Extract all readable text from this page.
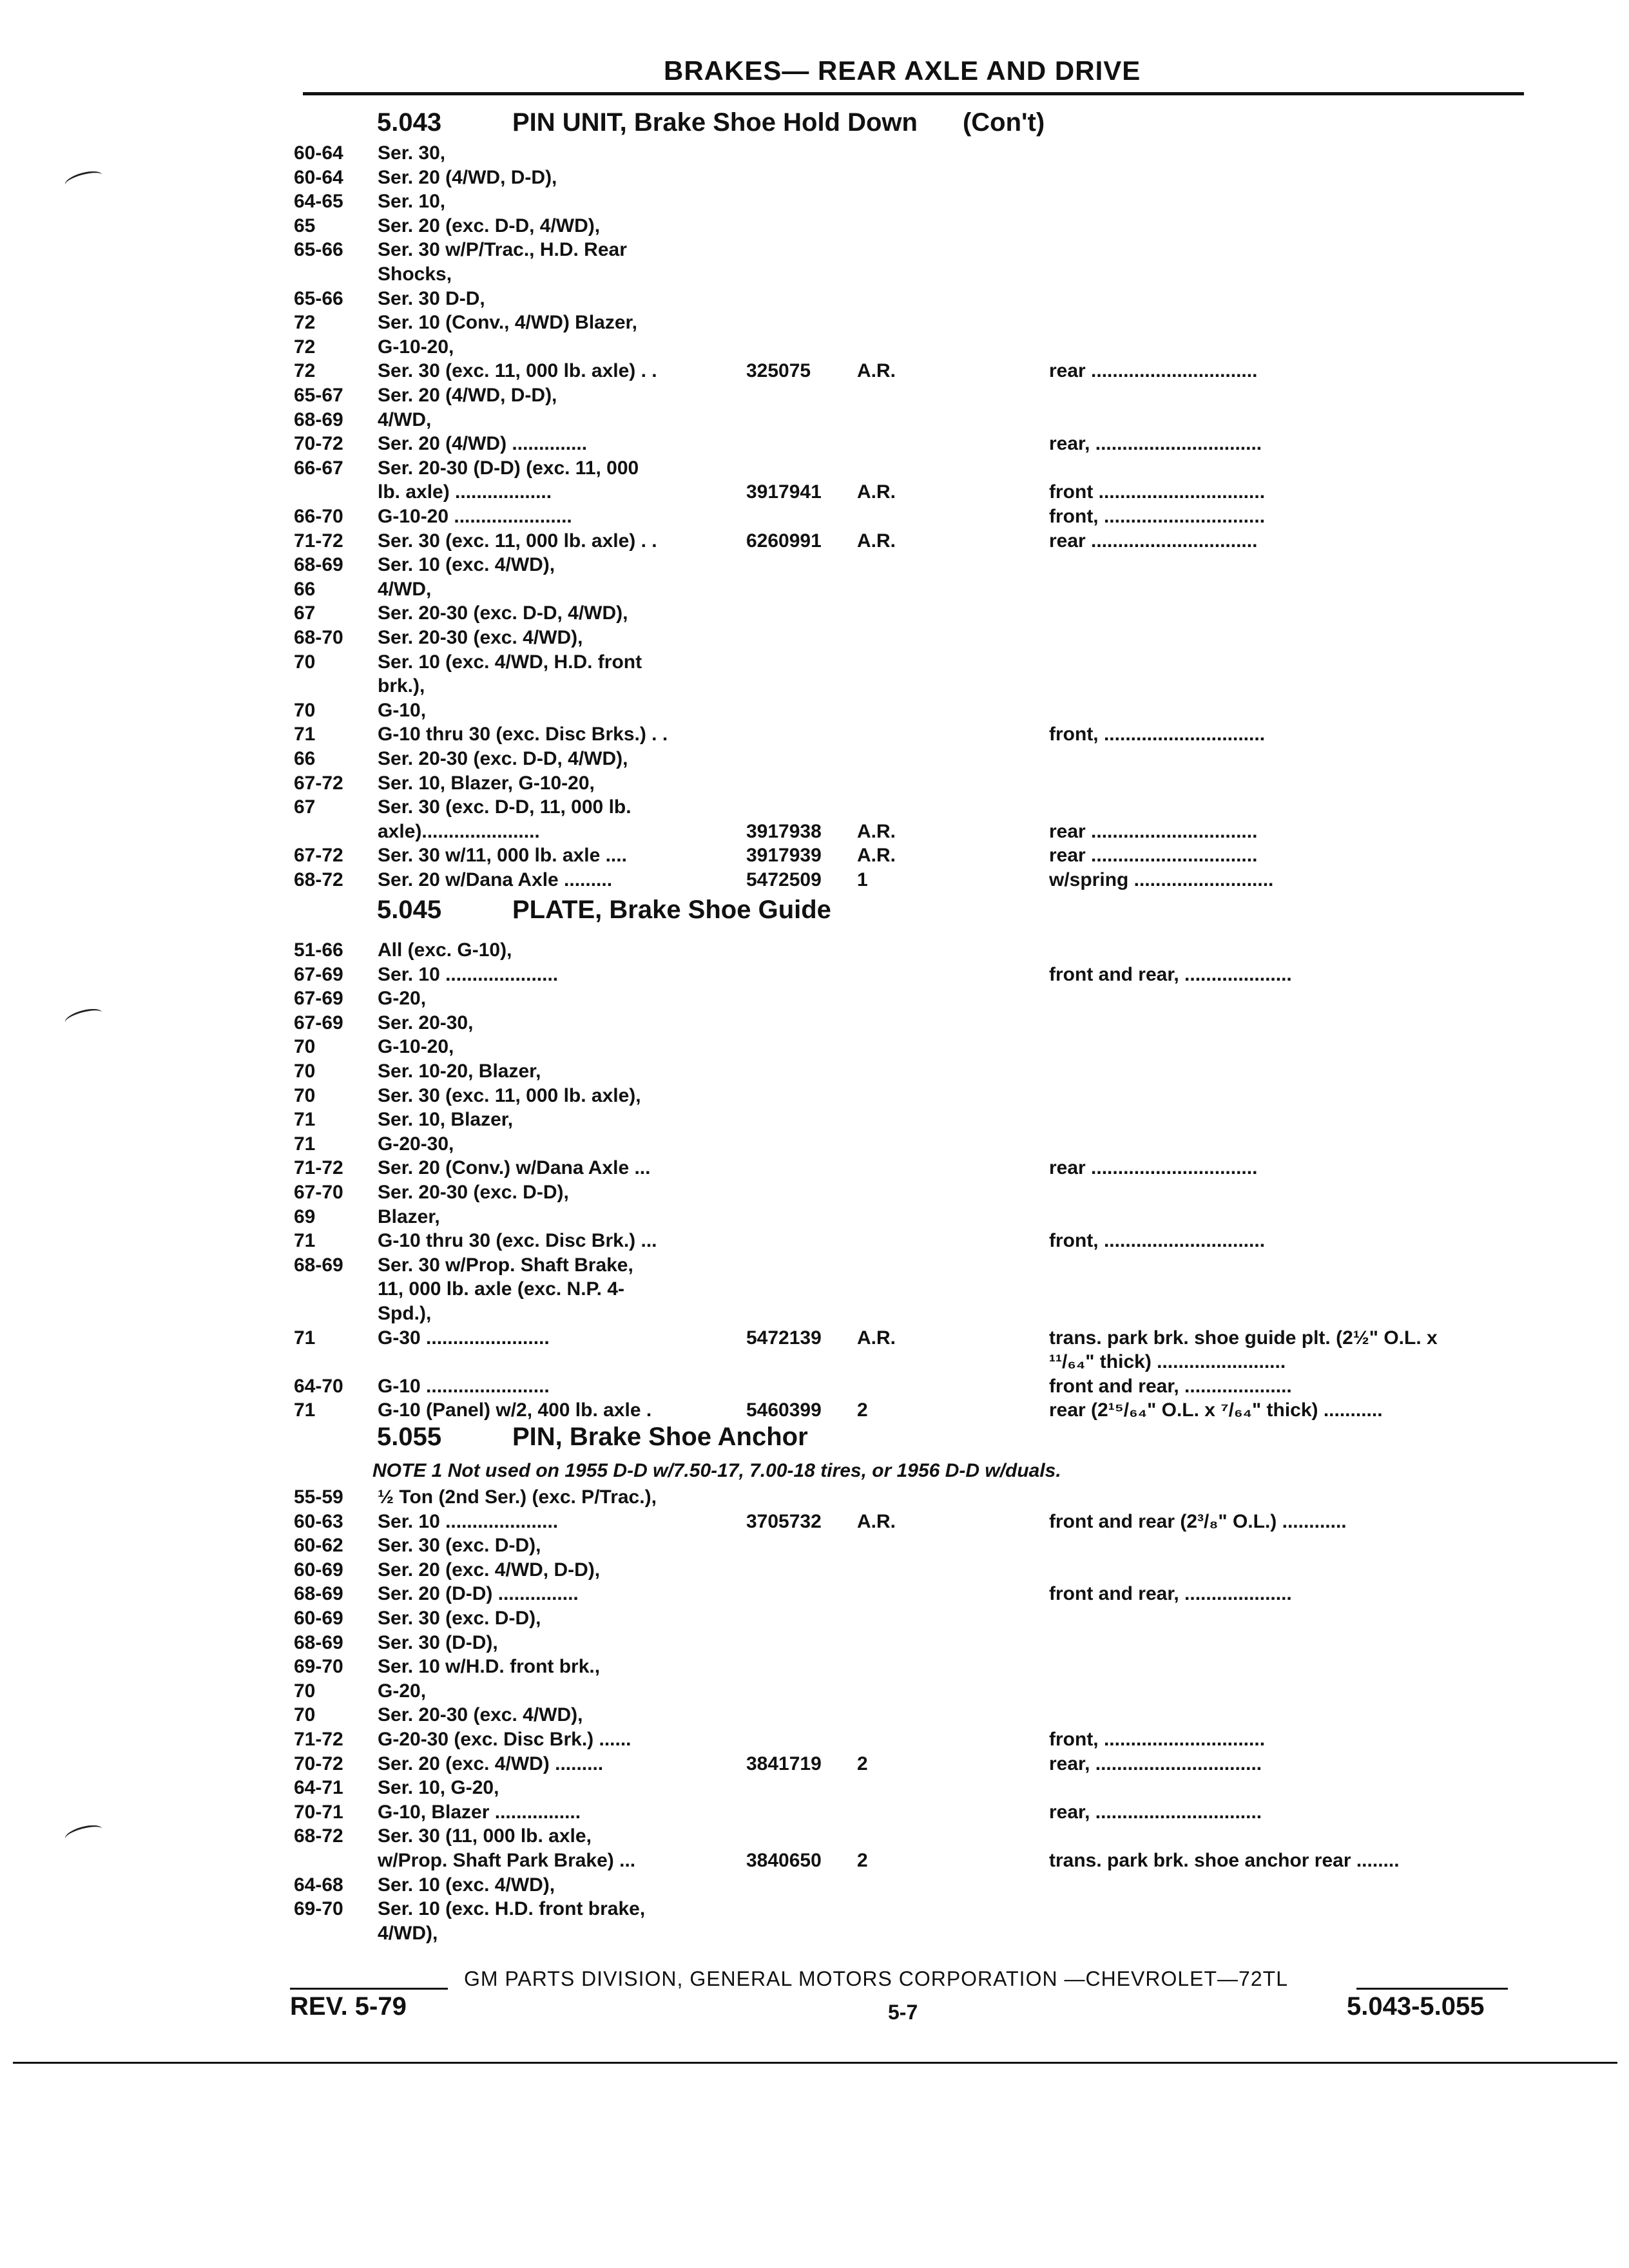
BRAKES— REAR AXLE AND DRIVE
5.043	PIN UNIT, Brake Shoe Hold Down (Con't)
60-64	Ser. 30,
60-64	Ser. 20 (4/WD, D-D),
64-65	Ser. 10,
65	Ser. 20 (exc. D-D, 4/WD),
65-66	Ser. 30 w/P/Trac., H.D. Rear
Shocks,
65-66	Ser. 30 D-D,
72	Ser. 10 (Conv., 4/WD) Blazer,
72	G-10-20,
72	Ser. 30 (exc. 11, 000 lb. axle) . .	325075 A.R.	rear ...............................
65-67	Ser. 20 (4/WD, D-D),
68-69	4/WD,
70-72	Ser. 20 (4/WD) ..............	rear, ...............................
66-67	Ser. 20-30 (D-D) (exc. 11, 000
lb. axle) ..................	3917941 A.R.	front ...............................
66-70	G-10-20 ......................	front, ..............................
71-72	Ser. 30 (exc. 11, 000 lb. axle) . .	6260991 A.R.	rear ...............................
68-69	Ser. 10 (exc. 4/WD),
66	4/WD,
67	Ser. 20-30 (exc. D-D, 4/WD),
68-70	Ser. 20-30 (exc. 4/WD),
70	Ser. 10 (exc. 4/WD, H.D. front
brk.),
70	G-10,
71	G-10 thru 30 (exc. Disc Brks.) . .	front, ..............................
66	Ser. 20-30 (exc. D-D, 4/WD),
67-72	Ser. 10, Blazer, G-10-20,
67	Ser. 30 (exc. D-D, 11, 000 lb.
axle)......................	3917938 A.R.	rear ...............................
67-72	Ser. 30 w/11, 000 lb. axle ....	3917939 A.R.	rear ...............................
68-72	Ser. 20 w/Dana Axle .........	5472509 1	w/spring ..........................
5.045	PLATE, Brake Shoe Guide
51-66	All (exc. G-10),
67-69	Ser. 10 .....................	front and rear, ....................
67-69	G-20,
67-69	Ser. 20-30,
70	G-10-20,
70	Ser. 10-20, Blazer,
70	Ser. 30 (exc. 11, 000 lb. axle),
71	Ser. 10, Blazer,
71	G-20-30,
71-72	Ser. 20 (Conv.) w/Dana Axle ...	rear ...............................
67-70	Ser. 20-30 (exc. D-D),
69	Blazer,
71	G-10 thru 30 (exc. Disc Brk.) ...	front, ..............................
68-69	Ser. 30 w/Prop. Shaft Brake,
11, 000 lb. axle (exc. N.P. 4-
Spd.),
71	G-30 .......................	5472139 A.R.	trans. park brk. shoe guide plt. (2½" O.L. x
¹¹/₆₄" thick) ........................
64-70	G-10 .......................	front and rear, ....................
71	G-10 (Panel) w/2, 400 lb. axle .	5460399 2	rear (2¹⁵/₆₄" O.L. x ⁷/₆₄" thick) ...........
5.055	PIN, Brake Shoe Anchor
NOTE 1 Not used on 1955 D-D w/7.50-17, 7.00-18 tires, or 1956 D-D w/duals.
55-59	½ Ton (2nd Ser.) (exc. P/Trac.),
60-63	Ser. 10 .....................	3705732 A.R.	front and rear (2³/₈" O.L.) ............
60-62	Ser. 30 (exc. D-D),
60-69	Ser. 20 (exc. 4/WD, D-D),
68-69	Ser. 20 (D-D) ...............	front and rear, ....................
60-69	Ser. 30 (exc. D-D),
68-69	Ser. 30 (D-D),
69-70	Ser. 10 w/H.D. front brk.,
70	G-20,
70	Ser. 20-30 (exc. 4/WD),
71-72	G-20-30 (exc. Disc Brk.) ......	front, ..............................
70-72	Ser. 20 (exc. 4/WD) .........	3841719 2	rear, ...............................
64-71	Ser. 10, G-20,
70-71	G-10, Blazer ................	rear, ...............................
68-72	Ser. 30 (11, 000 lb. axle,
w/Prop. Shaft Park Brake) ...	3840650 2	trans. park brk. shoe anchor rear ........
64-68	Ser. 10 (exc. 4/WD),
69-70	Ser. 10 (exc. H.D. front brake,
4/WD),
GM PARTS DIVISION, GENERAL MOTORS CORPORATION —CHEVROLET—72TL
REV. 5-79	5-7	5.043-5.055
